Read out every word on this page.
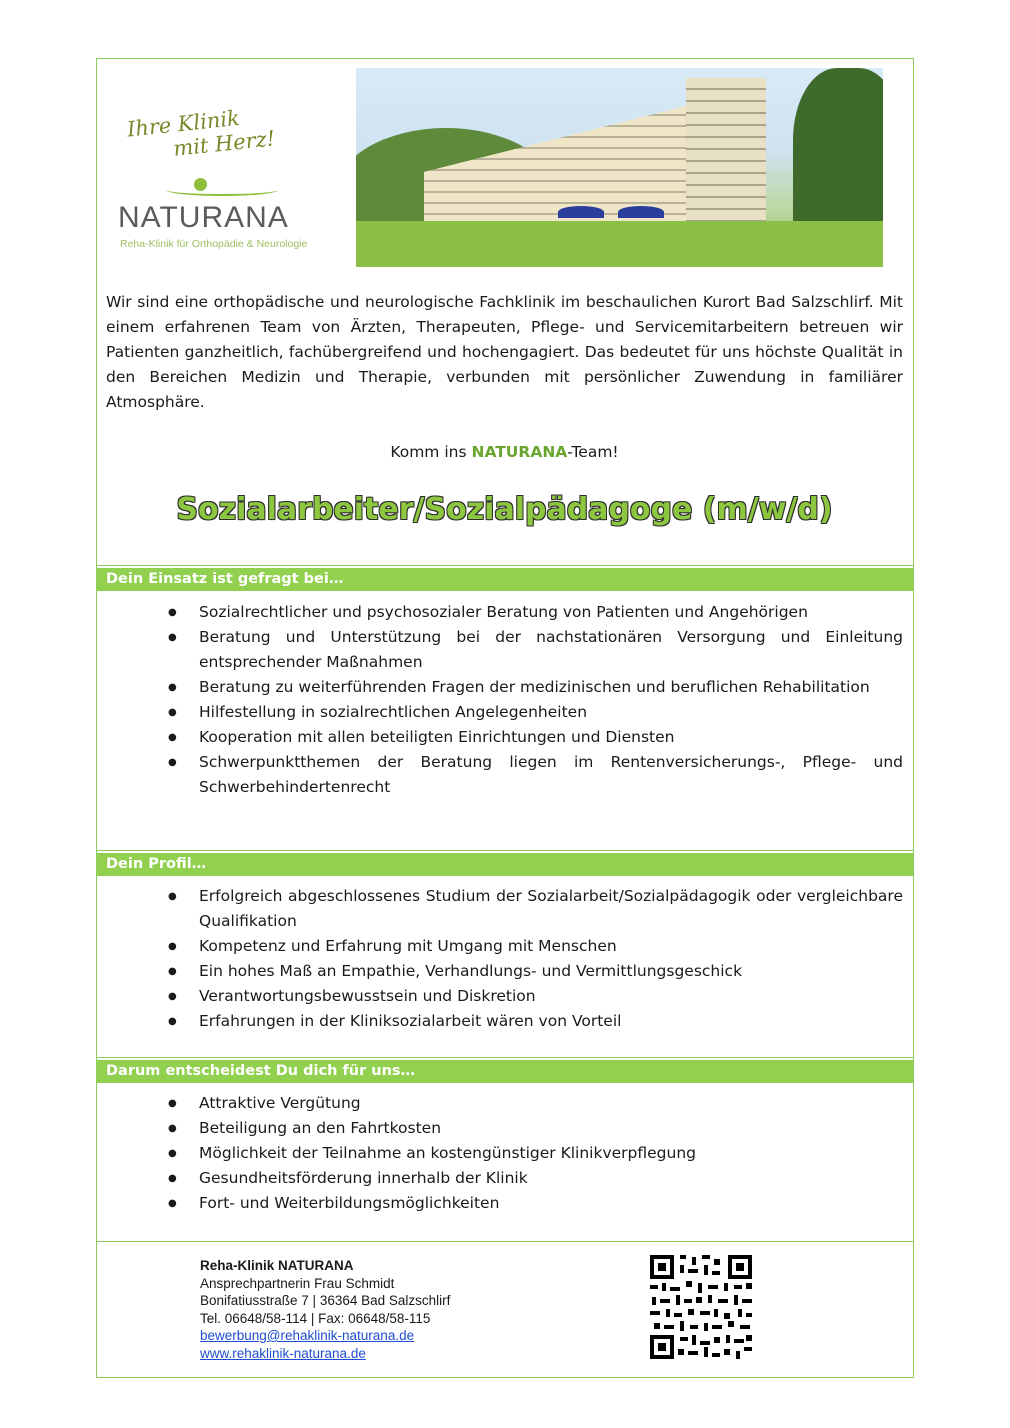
Ihre Klinik
mit Herz!
NATURANA
Reha-Klinik für Orthopädie & Neurologie

Wir sind eine orthopädische und neurologische Fachklinik im beschaulichen Kurort Bad Salzschlirf. Mit einem erfahrenen Team von Ärzten, Therapeuten, Pflege- und Servicemitarbeitern betreuen wir Patienten ganzheitlich, fachübergreifend und hochengagiert. Das bedeutet für uns höchste Qualität in den Bereichen Medizin und Therapie, verbunden mit persönlicher Zuwendung in familiärer Atmosphäre.

Komm ins NATURANA-Team!
Sozialarbeiter/Sozialpädagoge (m/w/d)
Dein Einsatz ist gefragt bei…
● Sozialrechtlicher und psychosozialer Beratung von Patienten und Angehörigen
● Beratung und Unterstützung bei der nachstationären Versorgung und Einleitung entsprechender Maßnahmen
● Beratung zu weiterführenden Fragen der medizinischen und beruflichen Rehabilitation
● Hilfestellung in sozialrechtlichen Angelegenheiten
● Kooperation mit allen beteiligten Einrichtungen und Diensten
● Schwerpunktthemen der Beratung liegen im Rentenversicherungs-, Pflege- und Schwerbehindertenrecht
Dein Profil…
● Erfolgreich abgeschlossenes Studium der Sozialarbeit/Sozialpädagogik oder vergleichbare Qualifikation
● Kompetenz und Erfahrung mit Umgang mit Menschen
● Ein hohes Maß an Empathie, Verhandlungs- und Vermittlungsgeschick
● Verantwortungsbewusstsein und Diskretion
● Erfahrungen in der Kliniksozialarbeit wären von Vorteil
Darum entscheidest Du dich für uns…
● Attraktive Vergütung
● Beteiligung an den Fahrtkosten
● Möglichkeit der Teilnahme an kostengünstiger Klinikverpflegung
● Gesundheitsförderung innerhalb der Klinik
● Fort- und Weiterbildungsmöglichkeiten
Reha-Klinik NATURANA
Ansprechpartnerin Frau Schmidt
Bonifatiusstraße 7 | 36364 Bad Salzschlirf
Tel. 06648/58-114 | Fax: 06648/58-115
bewerbung@rehaklinik-naturana.de
www.rehaklinik-naturana.de
